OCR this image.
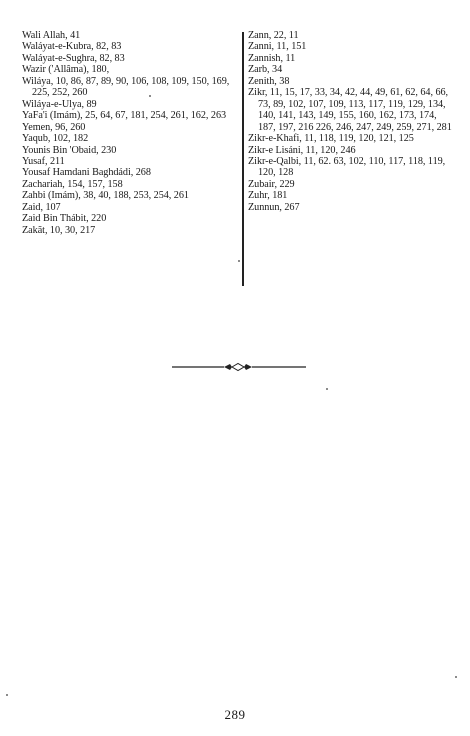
Wali Allah, 41
Waláyat-e-Kubra, 82, 83
Waláyat-e-Sughra, 82, 83
Wazir ('Allâma), 180,
Wiláya, 10, 86, 87, 89, 90, 106, 108, 109, 150, 169, 225, 252, 260
Wiláya-e-Ulya, 89
YaFa'i (Imám), 25, 64, 67, 181, 254, 261, 162, 263
Yemen, 96, 260
Yaqub, 102, 182
Younis Bin 'Obaid, 230
Yusaf, 211
Yousaf Hamdani Baghdádi, 268
Zachariah, 154, 157, 158
Zahbi (Imám), 38, 40, 188, 253, 254, 261
Zaid, 107
Zaid Bin Thábit, 220
Zakãt, 10, 30, 217
Zann, 22, 11
Zanni, 11, 151
Zannish, 11
Zarb, 34
Zenith, 38
Zikr, 11, 15, 17, 33, 34, 42, 44, 49, 61, 62, 64, 66, 73, 89, 102, 107, 109, 113, 117, 119, 129, 134, 140, 141, 143, 149, 155, 160, 162, 173, 174, 187, 197, 216 226, 246, 247, 249, 259, 271, 281
Zikr-e-Khafi, 11, 118, 119, 120, 121, 125
Zikr-e Lisáni, 11, 120, 246
Zikr-e-Qalbi, 11, 62. 63, 102, 110, 117, 118, 119, 120, 128
Zubair, 229
Zuhr, 181
Zunnun, 267
289
